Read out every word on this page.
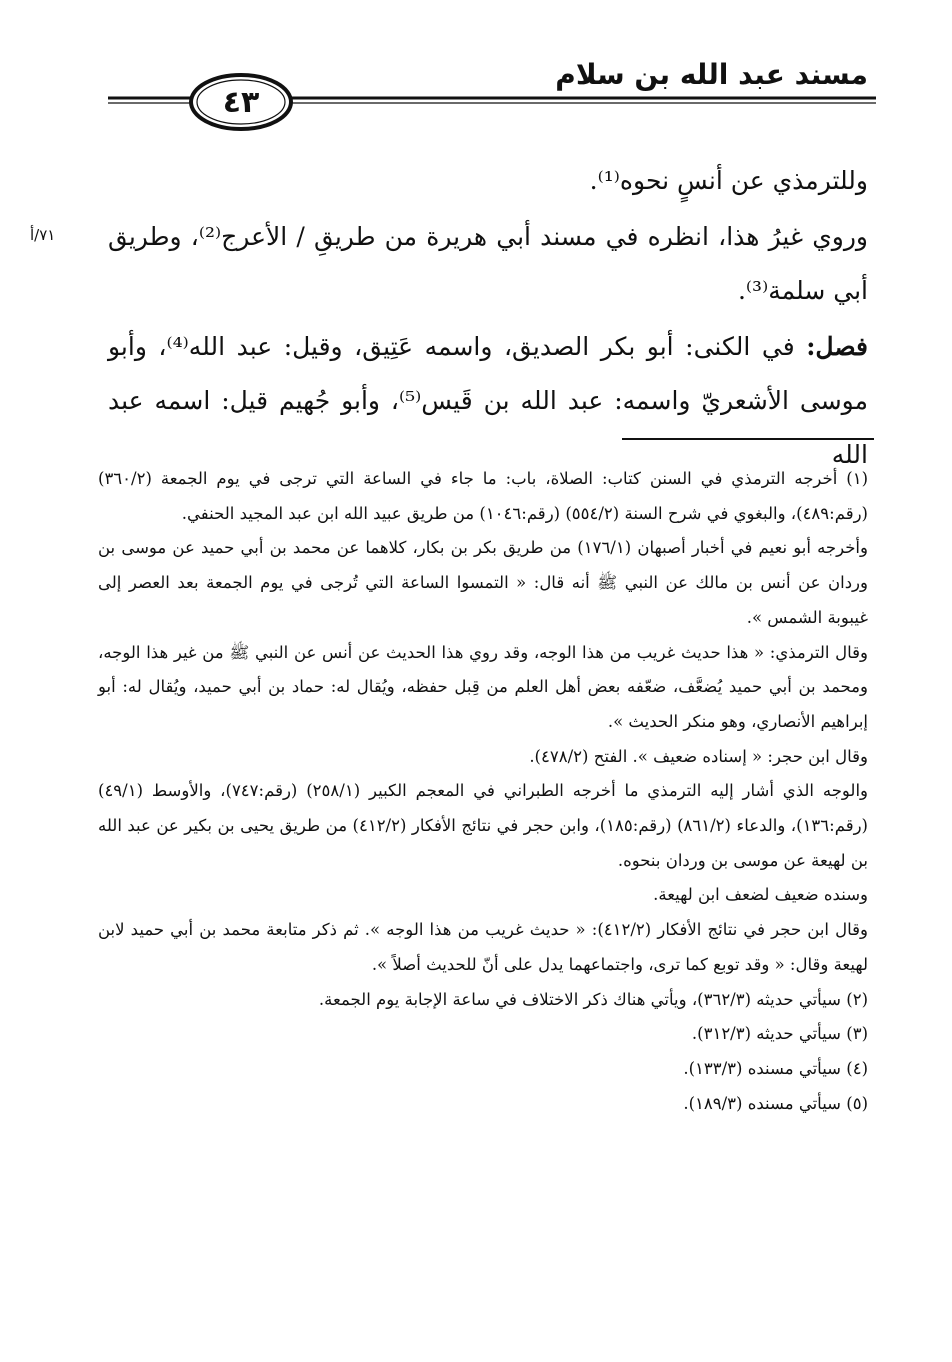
مسند عبد الله بن سلام
٤٣
وللترمذي عن أنسٍ نحوه⁽¹⁾.
٧١/أ وروي غيرُ هذا، انظره في مسند أبي هريرة من طريقِ / الأعرج⁽²⁾، وطريق أبي سلمة⁽³⁾.
فصل: في الكنى: أبو بكر الصديق، واسمه عَتِيق، وقيل: عبد الله⁽⁴⁾، وأبو موسى الأشعريّ واسمه: عبد الله بن قَيس⁽⁵⁾، وأبو جُهيم قيل: اسمه عبد الله

(١) أخرجه الترمذي في السنن كتاب: الصلاة، باب: ما جاء في الساعة التي ترجى في يوم الجمعة (٣٦٠/٢) (رقم:٤٨٩)، والبغوي في شرح السنة (٥٥٤/٢) (رقم:١٠٤٦) من طريق عبيد الله ابن عبد المجيد الحنفي.

وأخرجه أبو نعيم في أخبار أصبهان (١٧٦/١) من طريق بكر بن بكار، كلاهما عن محمد بن أبي حميد عن موسى بن وردان عن أنس بن مالك عن النبي ﷺ أنه قال: « التمسوا الساعة التي تُرجى في يوم الجمعة بعد العصر إلى غيبوبة الشمس ».

وقال الترمذي: « هذا حديث غريب من هذا الوجه، وقد روي هذا الحديث عن أنس عن النبي ﷺ من غير هذا الوجه، ومحمد بن أبي حميد يُضعَّف، ضعّفه بعض أهل العلم من قِبل حفظه، ويُقال له: حماد بن أبي حميد، ويُقال له: أبو إبراهيم الأنصاري، وهو منكر الحديث ».

وقال ابن حجر: « إسناده ضعيف ». الفتح (٤٧٨/٢).

والوجه الذي أشار إليه الترمذي ما أخرجه الطبراني في المعجم الكبير (٢٥٨/١) (رقم:٧٤٧)، والأوسط (٤٩/١) (رقم:١٣٦)، والدعاء (٨٦١/٢) (رقم:١٨٥)، وابن حجر في نتائج الأفكار (٤١٢/٢) من طريق يحيى بن بكير عن عبد الله بن لهيعة عن موسى بن وردان بنحوه.

وسنده ضعيف لضعف ابن لهيعة.

وقال ابن حجر في نتائج الأفكار (٤١٢/٢): « حديث غريب من هذا الوجه ». ثم ذكر متابعة محمد بن أبي حميد لابن لهيعة وقال: « وقد توبع كما ترى، واجتماعهما يدل على أنّ للحديث أصلاً ».

(٢) سيأتي حديثه (٣٦٢/٣)، ويأتي هناك ذكر الاختلاف في ساعة الإجابة يوم الجمعة.

(٣) سيأتي حديثه (٣١٢/٣).

(٤) سيأتي مسنده (١٣٣/٣).

(٥) سيأتي مسنده (١٨٩/٣).
